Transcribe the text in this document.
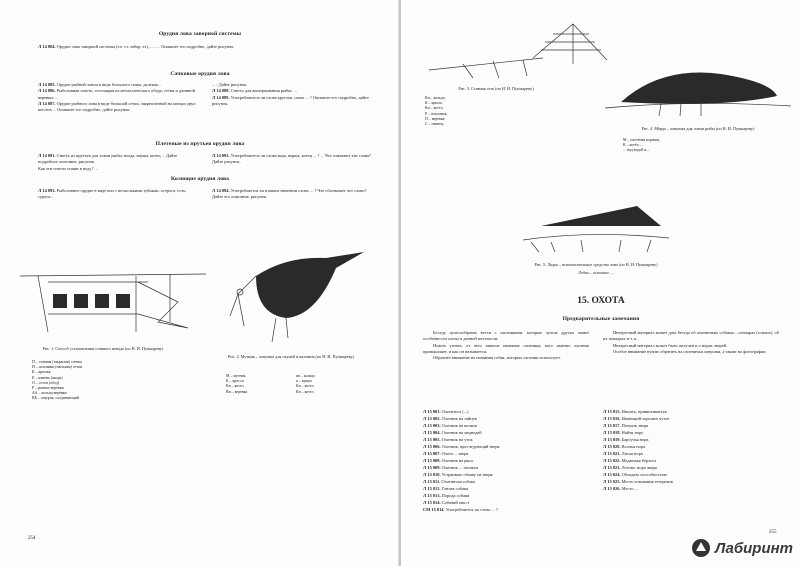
Орудия лова заворной системы
Л 14 084. Орудие лова заворной системы (т.е. ст. забор, ез), ... ; ... Опишите его подробно, дайте рисунок.
Сачковые орудия лова
Л 14 085. Орудие рыбной ловли в виде большого сачка: далекая...
Л 14 086. Рыболовная снасть, состоящая из металлического обода, сетки и длинной веревки: ...
Л 14 087. Орудие рыбного лова в виде большой сетки, закрепленной на концах двух шестов ... Опишите его подробно, дайте рисунок.
... ; Дайте рисунок.
Л 14 088. Снасть для вычерпывания рыбы: ...
Л 14 089. Употребляются ли слова круглая, сачок ... ? Опишите его подробно, дайте рисунок.
Плетеные из прутьев орудия лова
Л 14 091. Снасть из прутьев для ловли рыбы: входа, верша, котец ... Дайте подробное описание, рисунок.
Как эти снасти ставят в воду? ...
Л 14 092. Употребляются ли слова вада, верша, котец ... ? ... Что означают эти слова? Дайте рисунок.
Колющие орудия лова
Л 14 093. Рыболовное орудие в виде вил с несколькими зубьями, острога, ость, сурога...
Л 14 094. Употребляется ли в каком значении слово ... ? Что обозначает это слово? Дайте его описание, рисунок.
Рис. 1. Способ установления ставного невода (по Н. И. Пушкареву)
П – ставная (закрытая) стенка
Н – поплавки (наплавы) сетки
К – крылья
Е – камень (якорь)
О – остов (обод)
Р – разные верёвки
АА – кольца верёвки
ВБ – шнурок, соединяющий
Рис. 2. Мутник – ловушка для окуней и налимов (по Н. И. Пушкареву)
М – мутник
К – кресло
Кн – котел
Вн – веревка
кн – кольцо
к – крыло
Кн – котел
Кн – котел
254
Рис. 3. Ставная сеть (по Н. И. Пушкареву)
Кн – кольцо,
К – крыло,
Кн – котел,
Р – поплавок,
П – верёвка,
С – свинец.
Рис. 4. Мёрда – ловушка для ловли рыбы (по Н. И. Пушкареву)
М – плетёная корзина,
К – котёл, ...
... над водой и ...
Рис. 5. Лодка – вспомогательное средство лова (по Н. И. Пушкареву)
Лодка – основное, ...
15. ОХОТА
Предварительные замечания
Беседу целесообразно вести с охотниками, которые лучше других знают особенности охоты в данной местности.
Нужно узнать, от чего зависит название охотника, кого именно охотник промышляет, и как он называется.
Обратите внимание на названия собак, которых охотник использует.
Интересный материал может дать беседа об охотничьих собаках – гончарах (гончих), об их повадках и т. п.
Интересный материал может быть получен и о норах зверей.
Особое внимание нужно обратить на охотничьи ловушки, а также на фотографии.
Л 15 001. Охотиться (...)
Л 15 002. Охотник на зайцев
Л 15 003. Охотник на волков
Л 15 004. Охотник на медведей
Л 15 005. Охотник на уток
Л 15 006. Охотник, преследующий зверя
Л 15 007. Охота ... зверя
Л 15 008. Охотник на рысь
Л 15 009. Охотник ... загоном
Л 15 010. Устраивать облаву на зверя
Л 15 011. Охотничья собака
Л 15 012. Гончая собака
Л 15 013. Порода собаки
Л 15 014. Собачий хвост
СМ 15 014. Употребляется ли слово ... ?
Л 15 015. Нюхать, принюхиваться
Л 15 016. Имеющий хорошее чутьё
Л 15 017. Почуять зверя
Л 15 018. Найти нору
Л 15 019. Барсучья нора
Л 15 020. Волчья нора
Л 15 021. Лисья нора
Л 15 022. Медвежья берлога
Л 15 023. Логово, нора зверя
Л 15 024. Обладать способностью
Л 15 025. Место токования тетеревов
Л 15 026. Место ...
255
Лабиринт
